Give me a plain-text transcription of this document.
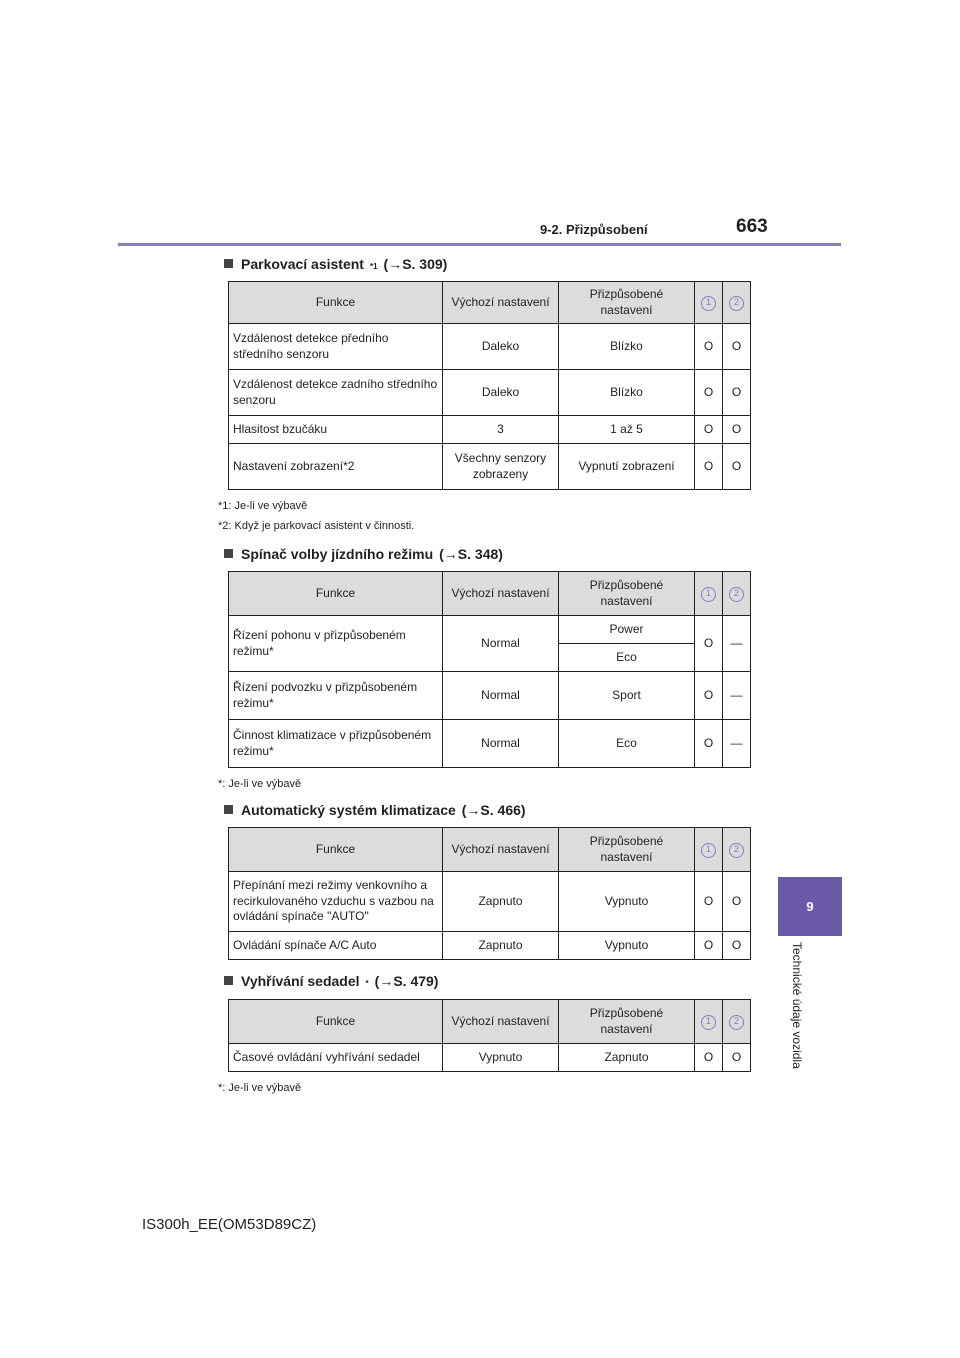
9-2. Přizpůsobení	663
9
Technické údaje vozidla
Parkovací asistent *1 (→S. 309)
Funkce	Výchozí nastavení	Přizpůsobené nastavení	1	2
Vzdálenost detekce předního středního senzoru	Daleko	Blízko	O	O
Vzdálenost detekce zadního středního senzoru	Daleko	Blízko	O	O
Hlasitost bzučáku	3	1 až 5	O	O
Nastavení zobrazení*2	Všechny senzory zobrazeny	Vypnutí zobrazení	O	O
*1: Je-li ve výbavě
*2: Když je parkovací asistent v činnosti.
Spínač volby jízdního režimu (→S. 348)
Funkce	Výchozí nastavení	Přizpůsobené nastavení	1	2
Řízení pohonu v přizpůsobeném režimu*	Normal	Power	O	—
		Eco		
Řízení podvozku v přizpůsobeném režimu*	Normal	Sport	O	—
Činnost klimatizace v přizpůsobeném režimu*	Normal	Eco	O	—
*: Je-li ve výbavě
Automatický systém klimatizace (→S. 466)
Funkce	Výchozí nastavení	Přizpůsobené nastavení	1	2
Přepínání mezi režimy venkovního a recirkulovaného vzduchu s vazbou na ovládání spínače "AUTO"	Zapnuto	Vypnuto	O	O
Ovládání spínače A/C Auto	Zapnuto	Vypnuto	O	O
Vyhřívání sedadel * (→S. 479)
Funkce	Výchozí nastavení	Přizpůsobené nastavení	1	2
Časové ovládání vyhřívání sedadel	Vypnuto	Zapnuto	O	O
*: Je-li ve výbavě
IS300h_EE(OM53D89CZ)
